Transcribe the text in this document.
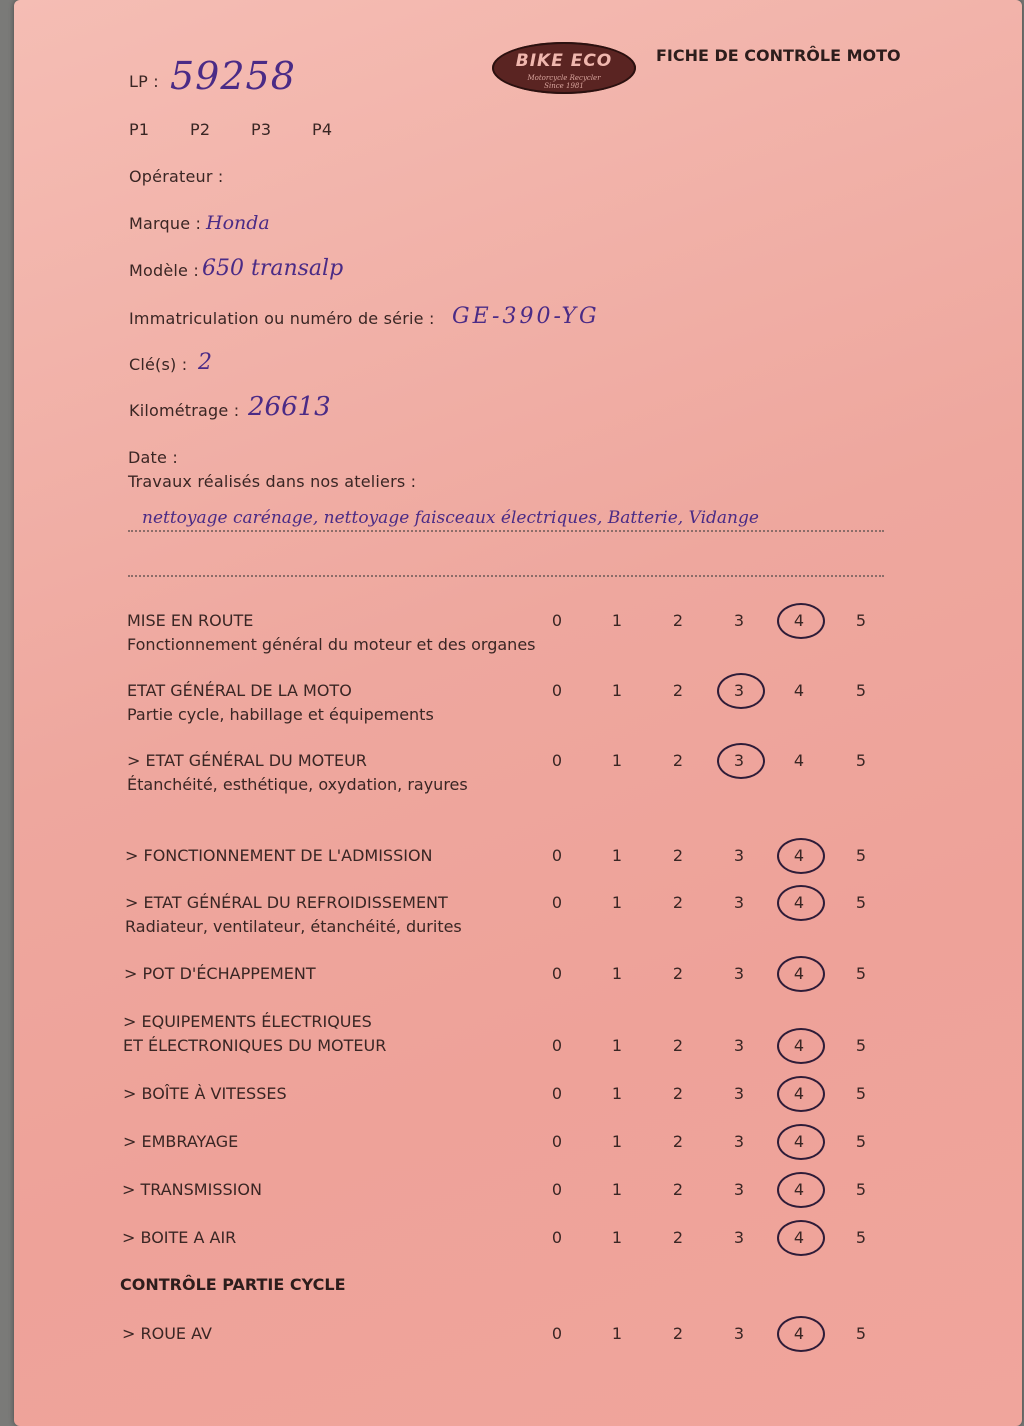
BIKE ECO
Motorcycle Recycler
Since 1981
FICHE DE CONTRÔLE MOTO
LP : 59258
P1	P2	P3	P4
Opérateur :
Marque : Honda
Modèle : 650 transalp
Immatriculation ou numéro de série : GE-390-YG
Clé(s) : 2
Kilométrage : 26613
Date :
Travaux réalisés dans nos ateliers :
nettoyage carénage, nettoyage faisceaux électriques, Batterie, Vidange
MISE EN ROUTE
Fonctionnement général du moteur et des organes
0	1	2	3	4	5
ETAT GÉNÉRAL DE LA MOTO
Partie cycle, habillage et équipements
0	1	2	3	4	5
> ETAT GÉNÉRAL DU MOTEUR
Étanchéité, esthétique, oxydation, rayures
0	1	2	3	4	5
> FONCTIONNEMENT DE L'ADMISSION	0	1	2	3	4	5
> ETAT GÉNÉRAL DU REFROIDISSEMENT
Radiateur, ventilateur, étanchéité, durites
0	1	2	3	4	5
> POT D'ÉCHAPPEMENT	0	1	2	3	4	5
> EQUIPEMENTS ÉLECTRIQUES
ET ÉLECTRONIQUES DU MOTEUR	0	1	2	3	4	5
> BOÎTE À VITESSES	0	1	2	3	4	5
> EMBRAYAGE	0	1	2	3	4	5
> TRANSMISSION	0	1	2	3	4	5
> BOITE A AIR	0	1	2	3	4	5
CONTRÔLE PARTIE CYCLE
> ROUE AV	0	1	2	3	4	5
